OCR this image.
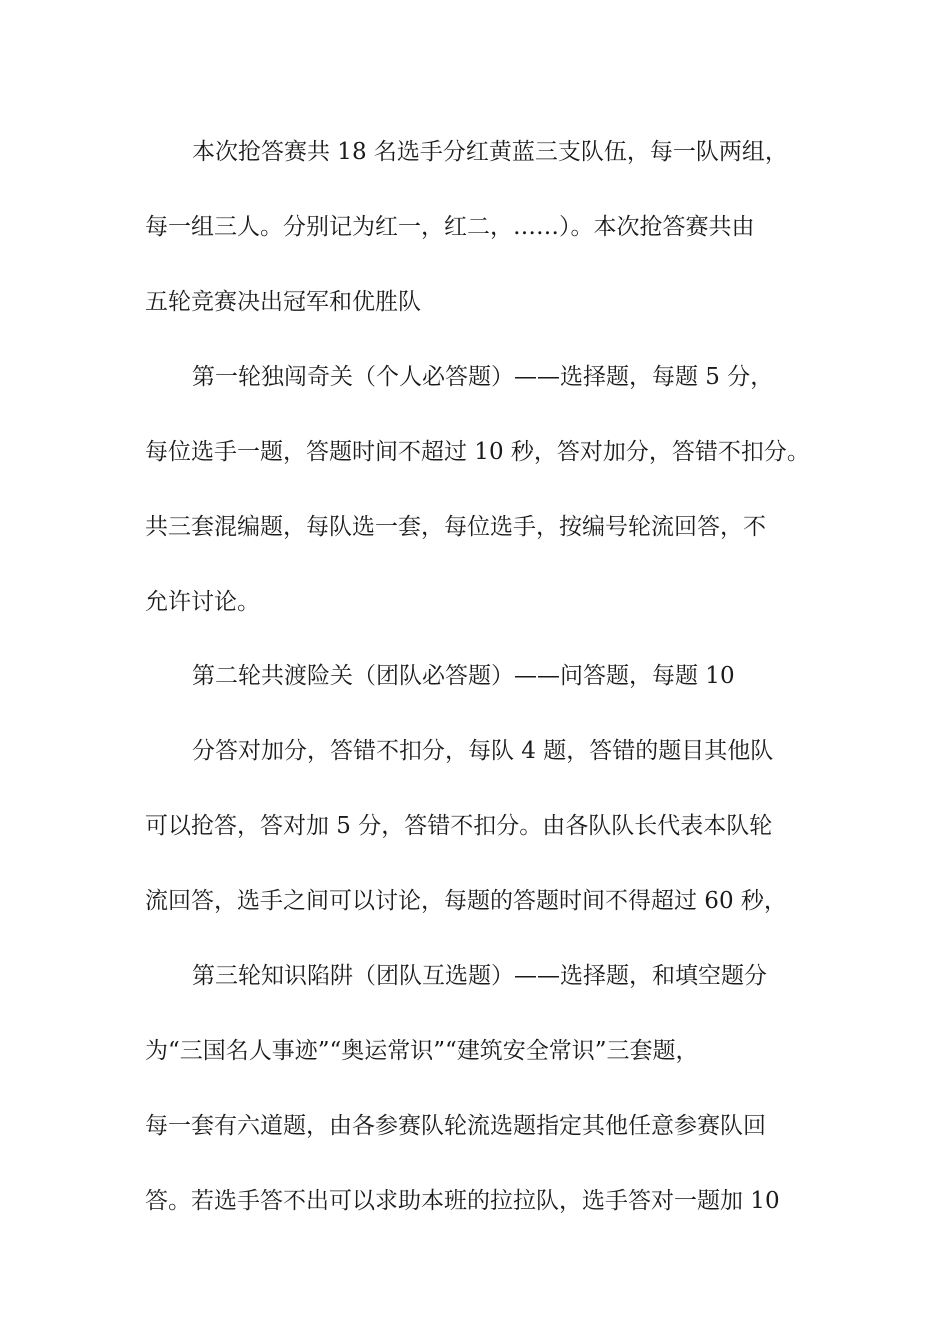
本次抢答赛共 18 名选手分红黄蓝三支队伍，每一队两组，
每一组三人。分别记为红一，红二，……）。本次抢答赛共由
五轮竞赛决出冠军和优胜队
第一轮独闯奇关（个人必答题）——选择题，每题 5 分，
每位选手一题，答题时间不超过 10 秒，答对加分，答错不扣分。
共三套混编题，每队选一套，每位选手，按编号轮流回答，不
允许讨论。
第二轮共渡险关（团队必答题）——问答题，每题 10
分答对加分，答错不扣分，每队 4 题，答错的题目其他队
可以抢答，答对加 5 分，答错不扣分。由各队队长代表本队轮
流回答，选手之间可以讨论，每题的答题时间不得超过 60 秒，
第三轮知识陷阱（团队互选题）——选择题，和填空题分
为“三国名人事迹”“奥运常识”“建筑安全常识”三套题，
每一套有六道题，由各参赛队轮流选题指定其他任意参赛队回
答。若选手答不出可以求助本班的拉拉队，选手答对一题加 10
